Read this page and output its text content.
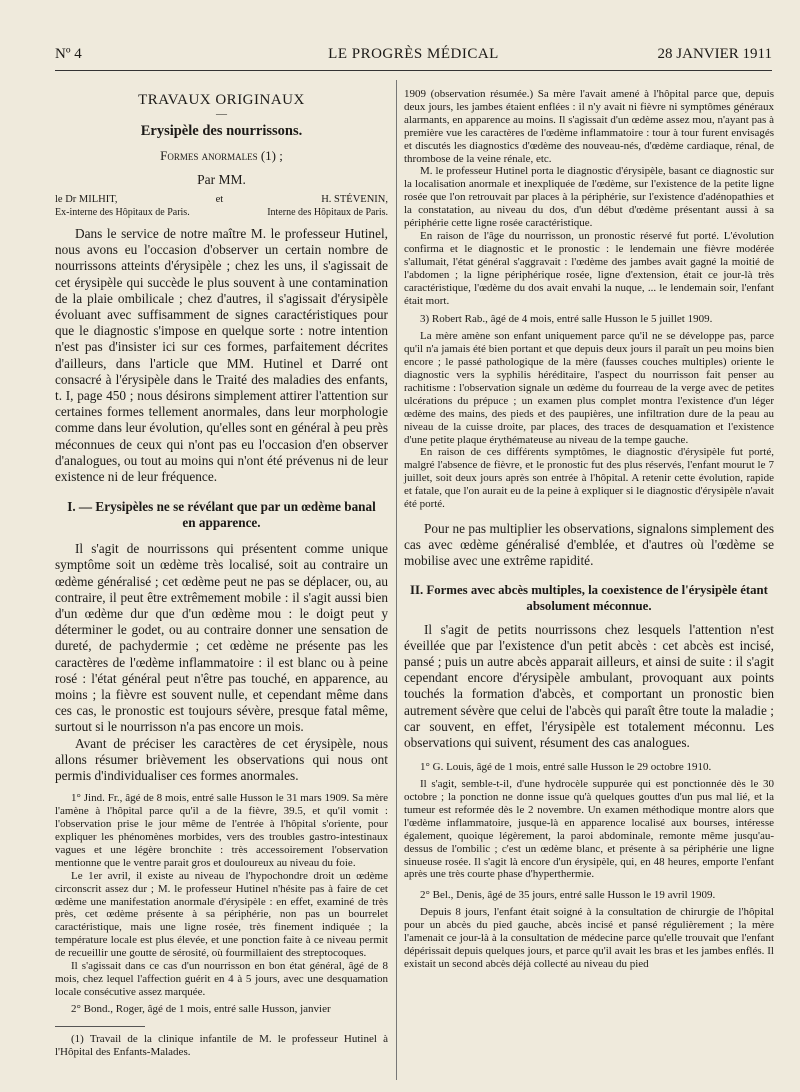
Nº 4	LE PROGRÈS MÉDICAL	28 JANVIER 1911
TRAVAUX ORIGINAUX
—
Erysipèle des nourrissons.
Formes anormales (1) ;
Par MM.
le Dr MILHIT,	et	H. STÉVENIN,
Ex-interne des Hôpitaux de Paris.	Interne des Hôpitaux de Paris.

Dans le service de notre maître M. le professeur Hutinel, nous avons eu l'occasion d'observer un certain nombre de nourrissons atteints d'érysipèle ; chez les uns, il s'agissait de cet érysipèle qui succède le plus souvent à une contamination de la plaie ombilicale ; chez d'autres, il s'agissait d'érysipèle évoluant avec suffisamment de signes caractéristiques pour que le diagnostic s'impose en quelque sorte : notre intention n'est pas d'insister ici sur ces formes, parfaitement décrites d'ailleurs, dans l'article que MM. Hutinel et Darré ont consacré à l'érysipèle dans le Traité des maladies des enfants, t. I, page 450 ; nous désirons simplement attirer l'attention sur certaines formes tellement anormales, dans leur morphologie comme dans leur évolution, qu'elles sont en général à peu près méconnues de ceux qui n'ont pas eu l'occasion d'en observer d'analogues, ou tout au moins qui n'ont été prévenus ni de leur existence ni de leur fréquence.

I. — Erysipèles ne se révélant que par un œdème banal en apparence.

Il s'agit de nourrissons qui présentent comme unique symptôme soit un œdème très localisé, soit au contraire un œdème généralisé ; cet œdème peut ne pas se déplacer, ou, au contraire, il peut être extrêmement mobile : il s'agit aussi bien d'un œdème dur que d'un œdème mou : le doigt peut y déterminer le godet, ou au contraire donner une sensation de dureté, de pachydermie ; cet œdème ne présente pas les caractères de l'œdème inflammatoire : il est blanc ou à peine rosé : l'état général peut n'être pas touché, en apparence, au moins ; la fièvre est souvent nulle, et cependant même dans ces cas, le pronostic est toujours sévère, presque fatal même, surtout si le nourrisson n'a pas encore un mois.

Avant de préciser les caractères de cet érysipèle, nous allons résumer brièvement les observations qui nous ont permis d'individualiser ces formes anormales.

1° Jind. Fr., âgé de 8 mois, entré salle Husson le 31 mars 1909. Sa mère l'amène à l'hôpital parce qu'il a de la fièvre, 39.5, et qu'il vomit : l'observation prise le jour même de l'entrée à l'hôpital s'oriente, pour expliquer les phénomènes morbides, vers des troubles gastro-intestinaux vagues et une légère bronchite : très accessoirement l'observation mentionne que le ventre parait gros et douloureux au niveau du foie.

Le 1er avril, il existe au niveau de l'hypochondre droit un œdème circonscrit assez dur ; M. le professeur Hutinel n'hésite pas à faire de cet œdème une manifestation anormale d'érysipèle : en effet, examiné de très près, cet œdème présente à sa périphérie, non pas un bourrelet caractéristique, mais une ligne rosée, très finement indiquée ; la température locale est plus élevée, et une ponction faite à ce niveau permit de recueillir une goutte de sérosité, où fourmillaient des streptocoques.

Il s'agissait dans ce cas d'un nourrisson en bon état général, âgé de 8 mois, chez lequel l'affection guérit en 4 à 5 jours, avec une desquamation locale consécutive assez marquée.

2° Bond., Roger, âgé de 1 mois, entré salle Husson, janvier

(1) Travail de la clinique infantile de M. le professeur Hutinel à l'Hôpital des Enfants-Malades.

1909 (observation résumée.) Sa mère l'avait amené à l'hôpital parce que, depuis deux jours, les jambes étaient enflées : il n'y avait ni fièvre ni symptômes généraux alarmants, en apparence au moins. Il s'agissait d'un œdème assez mou, n'ayant pas à première vue les caractères de l'œdème inflammatoire : tour à tour furent envisagés et discutés les diagnostics d'œdème des nouveau-nés, d'œdème cardiaque, rénal, de thrombose de la veine rénale, etc.

M. le professeur Hutinel porta le diagnostic d'érysipèle, basant ce diagnostic sur la localisation anormale et inexpliquée de l'œdème, sur l'existence de la petite ligne rosée que l'on retrouvait par places à la périphérie, sur l'existence d'adénopathies et la constatation, au niveau du dos, d'un début d'œdème présentant aussi à sa périphérie cette ligne rosée caractéristique.

En raison de l'âge du nourrisson, un pronostic réservé fut porté. L'évolution confirma et le diagnostic et le pronostic : le lendemain une fièvre modérée s'allumait, l'état général s'aggravait : l'œdème des jambes avait gagné la moitié de l'abdomen ; la ligne périphérique rosée, ligne d'extension, était ce jour-là très caractéristique, l'œdème du dos avait envahi la nuque, ... le lendemain soir, l'enfant était mort.

3) Robert Rab., âgé de 4 mois, entré salle Husson le 5 juillet 1909.

La mère amène son enfant uniquement parce qu'il ne se développe pas, parce qu'il n'a jamais été bien portant et que depuis deux jours il paraît un peu moins bien encore ; le passé pathologique de la mère (fausses couches multiples) oriente le diagnostic vers la syphilis héréditaire, l'aspect du nourrisson fait penser au rachitisme : l'observation signale un œdème du fourreau de la verge avec de petites ulcérations du prépuce ; un examen plus complet montra l'existence d'un léger œdème des mains, des pieds et des paupières, une infiltration dure de la peau au niveau de la cuisse droite, par places, des traces de desquamation et l'existence d'une petite plaque érythémateuse au niveau de la tempe gauche.

En raison de ces différents symptômes, le diagnostic d'érysipèle fut porté, malgré l'absence de fièvre, et le pronostic fut des plus réservés, l'enfant mourut le 7 juillet, soit deux jours après son entrée à l'hôpital. A retenir cette évolution, rapide et fatale, que l'on aurait eu de la peine à expliquer si le diagnostic d'érysipèle n'avait été porté.

Pour ne pas multiplier les observations, signalons simplement des cas avec œdème généralisé d'emblée, et d'autres où l'œdème se mobilise avec une extrême rapidité.

II. Formes avec abcès multiples, la coexistence de l'érysipèle étant absolument méconnue.

Il s'agit de petits nourrissons chez lesquels l'attention n'est éveillée que par l'existence d'un petit abcès : cet abcès est incisé, pansé ; puis un autre abcès apparait ailleurs, et ainsi de suite : il s'agit cependant encore d'érysipèle ambulant, provoquant aux points touchés la formation d'abcès, et comportant un pronostic bien autrement sévère que celui de l'abcès qui paraît être toute la maladie ; car souvent, en effet, l'érysipèle est totalement méconnu. Les observations qui suivent, résument des cas analogues.

1° G. Louis, âgé de 1 mois, entré salle Husson le 29 octobre 1910.

Il s'agit, semble-t-il, d'une hydrocèle suppurée qui est ponctionnée dès le 30 octobre ; la ponction ne donne issue qu'à quelques gouttes d'un pus mal lié, et la tumeur est reformée dès le 2 novembre. Un examen méthodique montre alors que l'œdème inflammatoire, jusque-là en apparence localisé aux bourses, intéresse également, quoique légèrement, la paroi abdominale, remonte même jusqu'au-dessus de l'ombilic ; c'est un œdème blanc, et présente à sa périphérie une ligne sinueuse rosée. Il s'agit là encore d'un érysipèle, qui, en 48 heures, emporte l'enfant après une très courte phase d'hyperthermie.

2° Bel., Denis, âgé de 35 jours, entré salle Husson le 19 avril 1909.

Depuis 8 jours, l'enfant était soigné à la consultation de chirurgie de l'hôpital pour un abcès du pied gauche, abcès incisé et pansé régulièrement ; la mère l'amenait ce jour-là à la consultation de médecine parce qu'elle trouvait que l'enfant dépérissait depuis quelques jours, et parce qu'il avait les bras et les jambes enflés. Il existait un second abcès déjà collecté au niveau du pied
